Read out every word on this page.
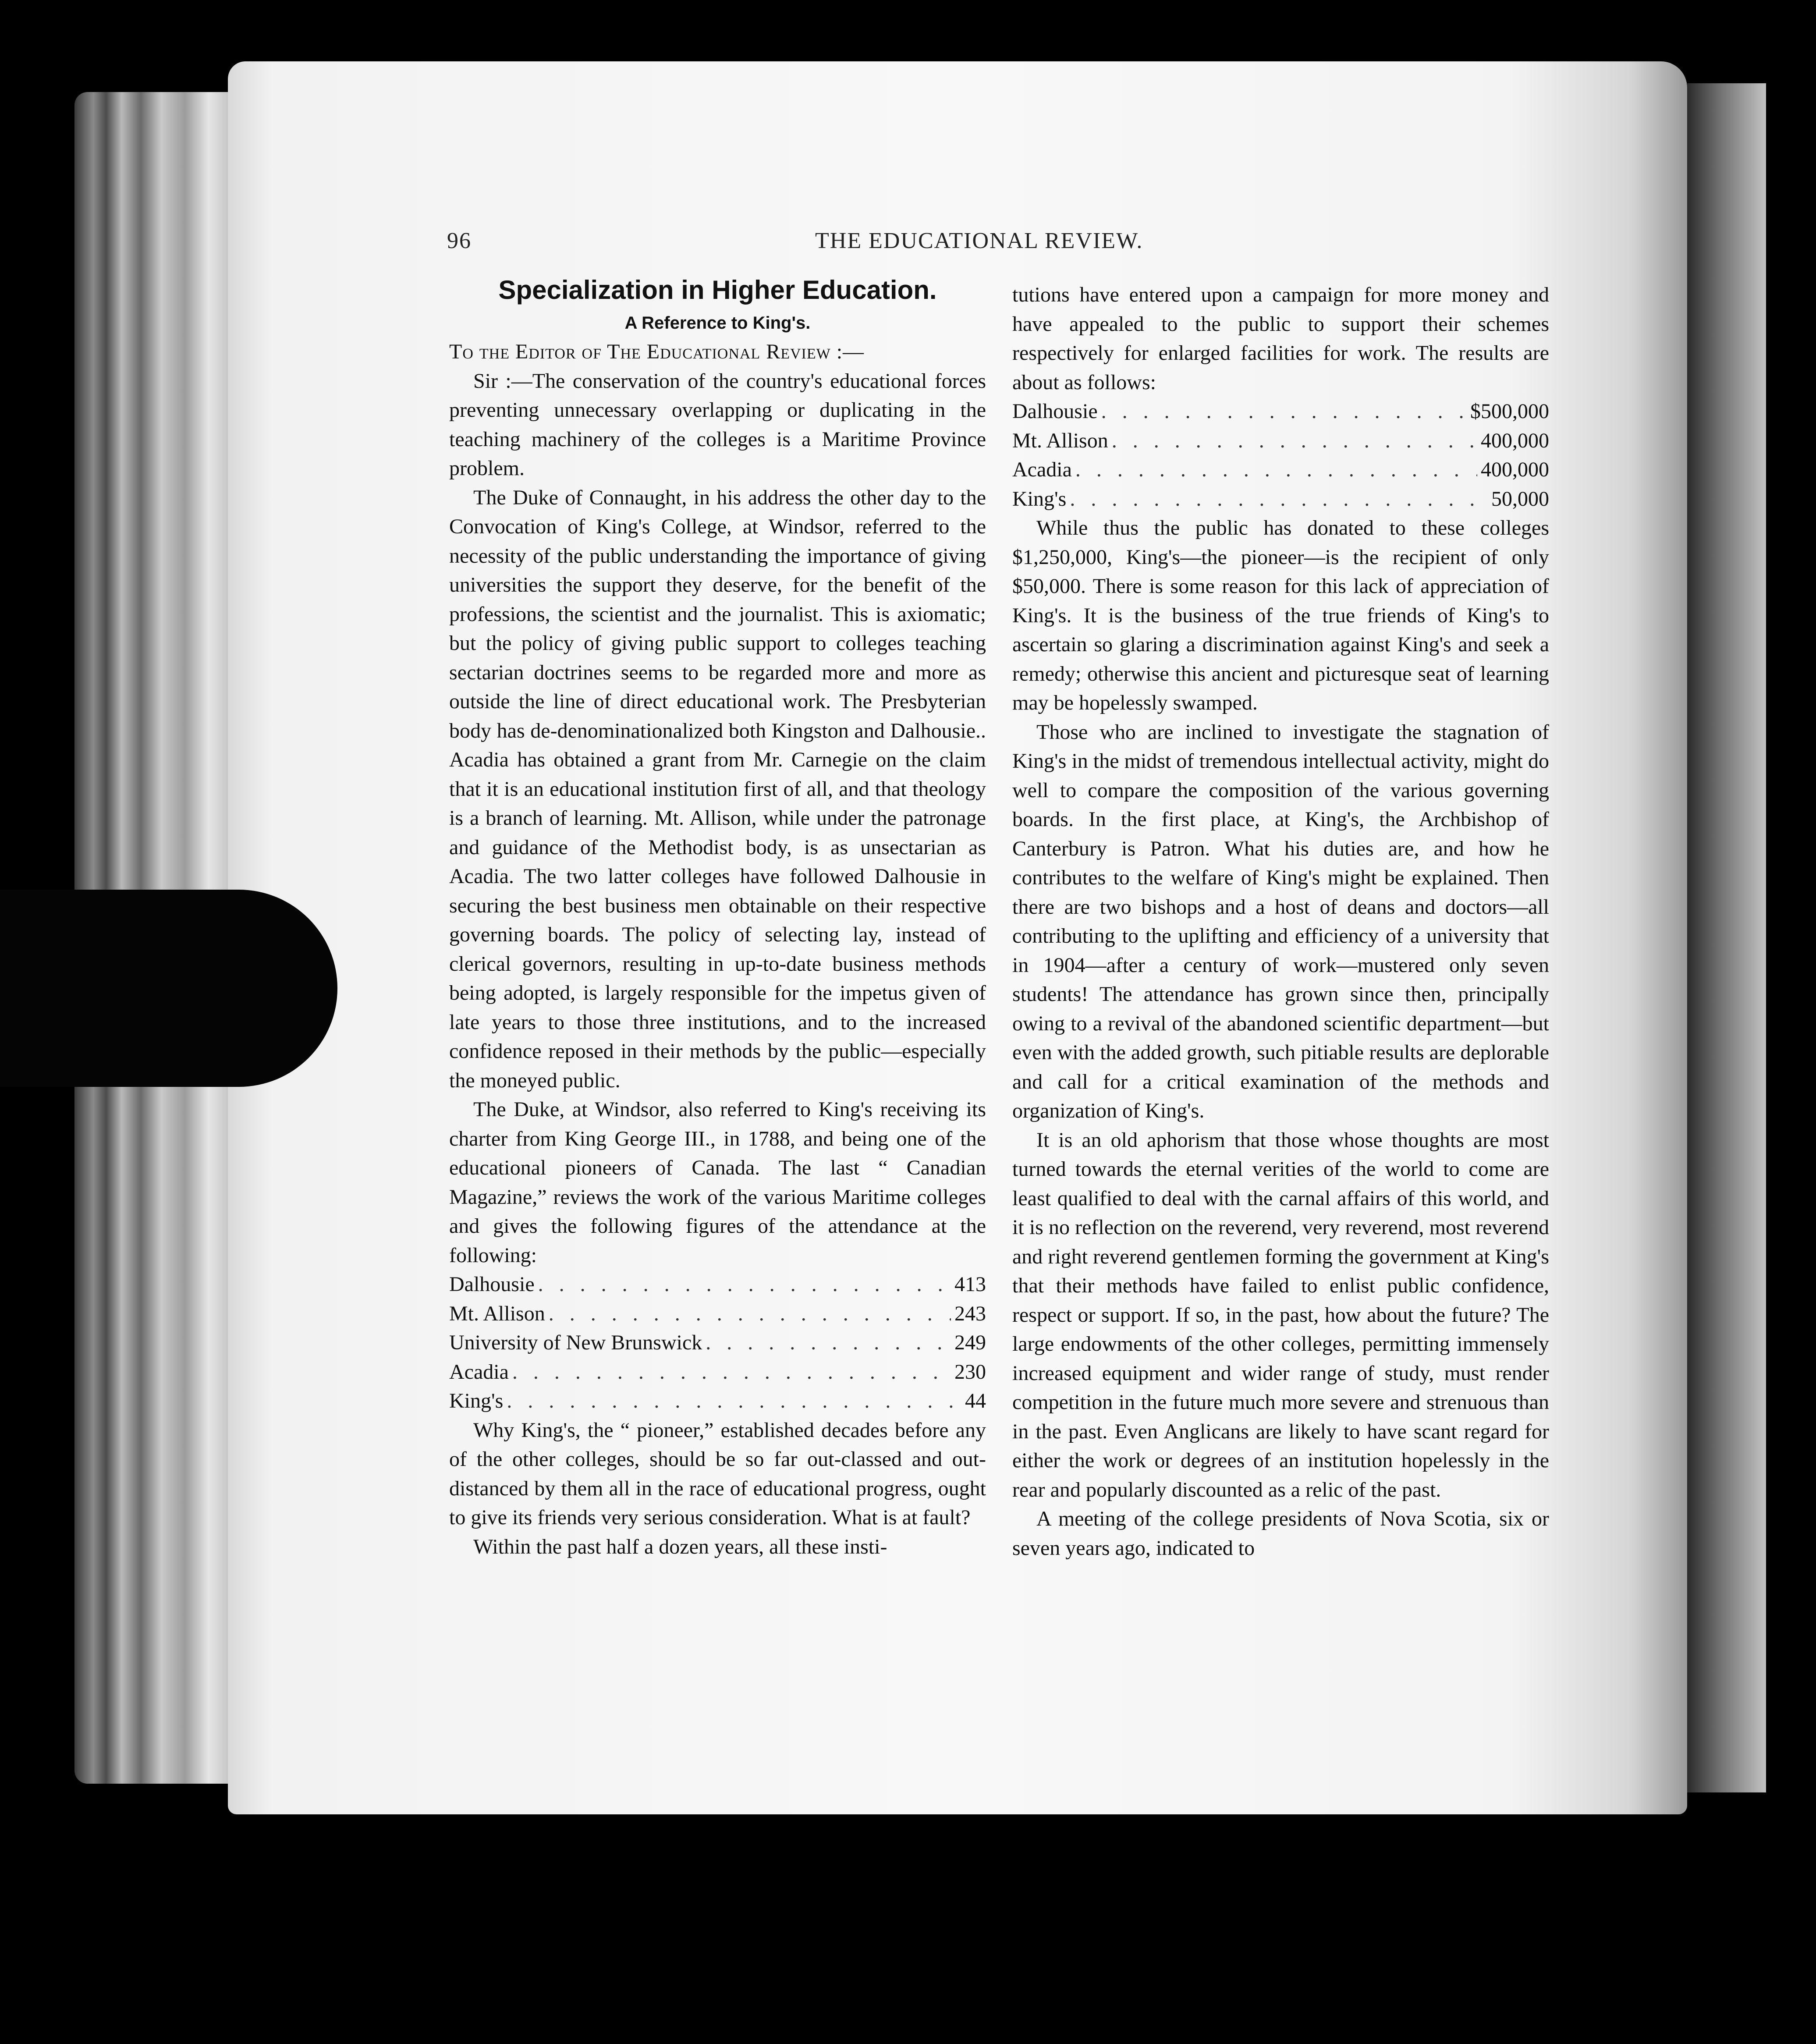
96	THE EDUCATIONAL REVIEW.
Specialization in Higher Education.
A Reference to King's.

To the Editor of The Educational Review :—

Sir :—The conservation of the country's educational forces preventing unnecessary overlapping or duplicating in the teaching machinery of the colleges is a Maritime Province problem.

The Duke of Connaught, in his address the other day to the Convocation of King's College, at Windsor, referred to the necessity of the public understanding the importance of giving universities the support they deserve, for the benefit of the professions, the scientist and the journalist. This is axiomatic; but the policy of giving public support to colleges teaching sectarian doctrines seems to be regarded more and more as outside the line of direct educational work. The Presbyterian body has de-denominationalized both Kingston and Dalhousie.. Acadia has obtained a grant from Mr. Carnegie on the claim that it is an educational institution first of all, and that theology is a branch of learning. Mt. Allison, while under the patronage and guidance of the Methodist body, is as unsectarian as Acadia. The two latter colleges have followed Dalhousie in securing the best business men obtainable on their respective governing boards. The policy of selecting lay, instead of clerical governors, resulting in up-to-date business methods being adopted, is largely responsible for the impetus given of late years to those three institutions, and to the increased confidence reposed in their methods by the public—especially the moneyed public.

The Duke, at Windsor, also referred to King's receiving its charter from King George III., in 1788, and being one of the educational pioneers of Canada. The last “ Canadian Magazine,” reviews the work of the various Maritime colleges and gives the following figures of the attendance at the following:

Dalhousie . . .	413
Mt. Allison . . .	243
University of New Brunswick . . .	249
Acadia . . .	230
King's . . .	44

Why King's, the “ pioneer,” established decades before any of the other colleges, should be so far out-classed and out-distanced by them all in the race of educational progress, ought to give its friends very serious consideration. What is at fault?

Within the past half a dozen years, all these insti-

tutions have entered upon a campaign for more money and have appealed to the public to support their schemes respectively for enlarged facilities for work. The results are about as follows:

Dalhousie . . .	$500,000
Mt. Allison . . .	400,000
Acadia . . .	400,000
King's . . .	50,000

While thus the public has donated to these colleges $1,250,000, King's—the pioneer—is the recipient of only $50,000. There is some reason for this lack of appreciation of King's. It is the business of the true friends of King's to ascertain so glaring a discrimination against King's and seek a remedy; otherwise this ancient and picturesque seat of learning may be hopelessly swamped.

Those who are inclined to investigate the stagnation of King's in the midst of tremendous intellectual activity, might do well to compare the composition of the various governing boards. In the first place, at King's, the Archbishop of Canterbury is Patron. What his duties are, and how he contributes to the welfare of King's might be explained. Then there are two bishops and a host of deans and doctors—all contributing to the uplifting and efficiency of a university that in 1904—after a century of work—mustered only seven students! The attendance has grown since then, principally owing to a revival of the abandoned scientific department—but even with the added growth, such pitiable results are deplorable and call for a critical examination of the methods and organization of King's.

It is an old aphorism that those whose thoughts are most turned towards the eternal verities of the world to come are least qualified to deal with the carnal affairs of this world, and it is no reflection on the reverend, very reverend, most reverend and right reverend gentlemen forming the government at King's that their methods have failed to enlist public confidence, respect or support. If so, in the past, how about the future? The large endowments of the other colleges, permitting immensely increased equipment and wider range of study, must render competition in the future much more severe and strenuous than in the past. Even Anglicans are likely to have scant regard for either the work or degrees of an institution hopelessly in the rear and popularly discounted as a relic of the past.

A meeting of the college presidents of Nova Scotia, six or seven years ago, indicated to
